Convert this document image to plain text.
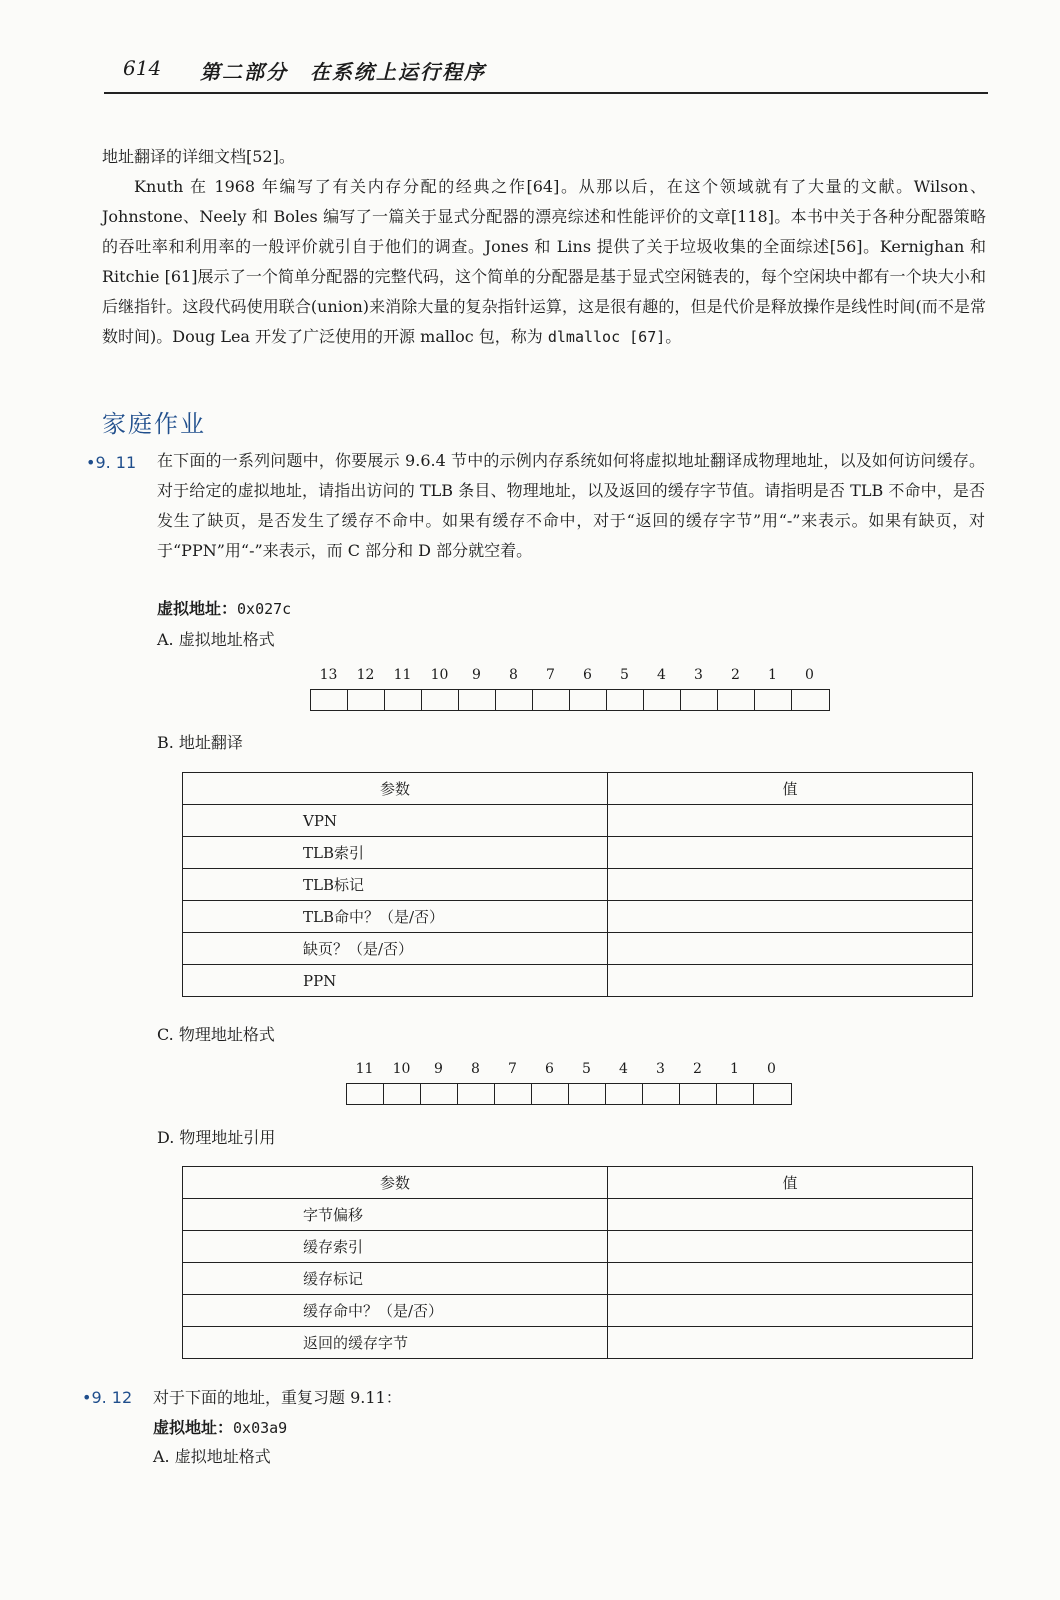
614 第二部分　在系统上运行程序

地址翻译的详细文档[52]。

Knuth 在 1968 年编写了有关内存分配的经典之作[64]。从那以后，在这个领域就有了大量的文献。Wilson、Johnstone、Neely 和 Boles 编写了一篇关于显式分配器的漂亮综述和性能评价的文章[118]。本书中关于各种分配器策略的吞吐率和利用率的一般评价就引自于他们的调查。Jones 和 Lins 提供了关于垃圾收集的全面综述[56]。Kernighan 和 Ritchie [61]展示了一个简单分配器的完整代码，这个简单的分配器是基于显式空闲链表的，每个空闲块中都有一个块大小和后继指针。这段代码使用联合(union)来消除大量的复杂指针运算，这是很有趣的，但是代价是释放操作是线性时间(而不是常数时间)。Doug Lea 开发了广泛使用的开源 malloc 包，称为 dlmalloc [67]。

家庭作业
•9. 11 在下面的一系列问题中，你要展示 9.6.4 节中的示例内存系统如何将虚拟地址翻译成物理地址，以及如何访问缓存。对于给定的虚拟地址，请指出访问的 TLB 条目、物理地址，以及返回的缓存字节值。请指明是否 TLB 不命中，是否发生了缺页，是否发生了缓存不命中。如果有缓存不命中，对于“返回的缓存字节”用“-”来表示。如果有缺页，对于“PPN”用“-”来表示，而 C 部分和 D 部分就空着。
虚拟地址：0x027c
A. 虚拟地址格式
13 12 11 10 9 8 7 6 5 4 3 2 1 0
B. 地址翻译
参数	值
VPN	
TLB索引	
TLB标记	
TLB命中？（是/否）	
缺页？（是/否）	
PPN	
C. 物理地址格式
11 10 9 8 7 6 5 4 3 2 1 0
D. 物理地址引用
参数	值
字节偏移	
缓存索引	
缓存标记	
缓存命中？（是/否）	
返回的缓存字节	
•9. 12 对于下面的地址，重复习题 9.11：
虚拟地址：0x03a9
A. 虚拟地址格式
